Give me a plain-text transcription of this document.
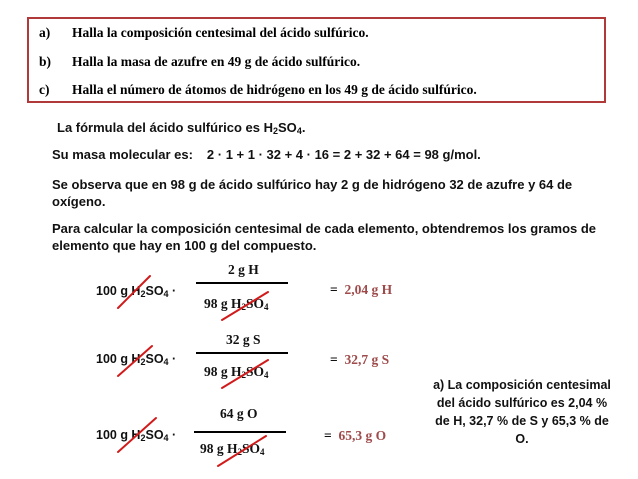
a) Halla la composición centesimal del ácido sulfúrico.
b) Halla la masa de azufre en 49 g de ácido sulfúrico.
c) Halla el número de átomos de hidrógeno en los 49 g de ácido sulfúrico.
La fórmula del ácido sulfúrico es $H_2SO_4$.
Su masa molecular es: 2 · 1 + 1 · 32 + 4 · 16 = 2 + 32 + 64 = 98 g/mol.
Se observa que en 98 g de ácido sulfúrico hay 2 g de hidrógeno 32 de azufre y 64 de oxígeno.
Para calcular la composición centesimal de cada elemento, obtendremos los gramos de elemento que hay en 100 g del compuesto.
2 g H
100 g $H_2SO_4$ ·
98 g $H_2SO_4$
= 2,04 g H
32 g S
100 g $H_2SO_4$ ·
98 g $H_2SO_4$
= 32,7 g S
64 g O
100 g $H_2SO_4$ ·
98 g $H_2SO_4$
= 65,3 g O
a) La composición centesimal del ácido sulfúrico es 2,04 % de H, 32,7 % de S y 65,3 % de O.
